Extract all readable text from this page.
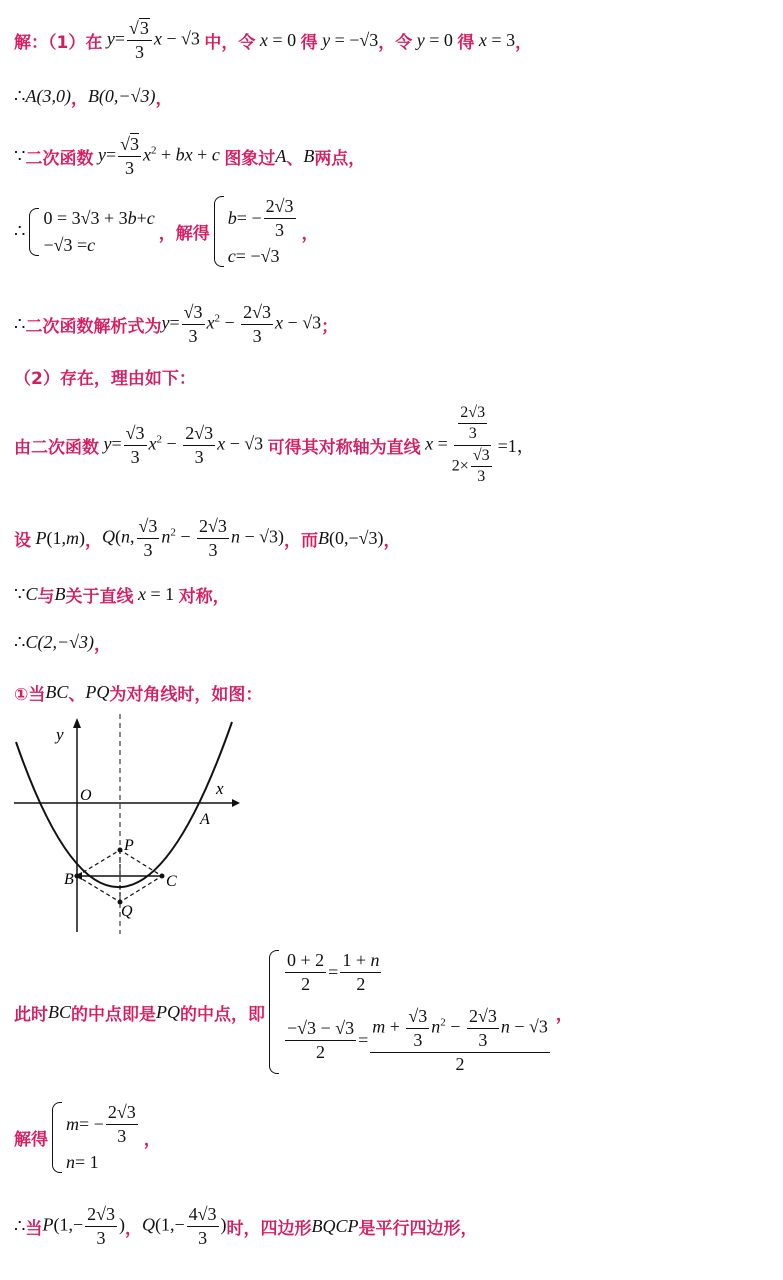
解：（1）在 $y= \frac{√ 3}{3}$ x − √3 中，令 x = 0 得 y = −√3 ，令 y = 0 得 x = 3 ，
∴ A(3,0) ， B(0,−√3) ，
∵ 二次函数 $y= \frac{√3}{3} x^2$ + bx + c 图象过 A 、 B 两点，
∴
0 = 3√3 + 3 b + c
−√3 = c
，解得
b = − $\frac{2√3}{3}$
c = −√3
，
∴ 二次函数解析式为 $y= \frac{√3}{3} x^2 - \frac{2√3}{3}$ x − √3 ；
（2）存在，理由如下：
由二次函数 $y= \frac{√3}{3} x^2 - \frac{2√3}{3}$ x − √3 可得其对称轴为直线 $x = \frac{\frac{2√3}{3}}{2\times \frac{√3}{3}} =1$，
设 P(1,m) ， Q(n, $\frac{√3}{3} n^2 - \frac{2√3}{3}$ n − √3) ，而 B(0,−√3) ，
∵ C 与 B 关于直线 x = 1 对称，
∴ C(2,−√3) ，
①当 BC 、 PQ 为对角线时，如图：
y
x
O
A
P
B	C
Q
此时 BC 的中点即是 PQ 的中点，即
$\frac{0 + 2}{2} = \frac{1 + n}{2}$
$\frac{-√3 - √3}{2} = \frac{m + \frac{√3}{3} n^2 - \frac{2√3}{3} n - √3}{2}$ ，
解得
m = − $\frac{2√3}{3}$
n = 1
，
∴ 当 $P(1,- \frac{2√3}{3}$ ) ， $Q(1,- \frac{4√3}{3}$ ) 时，四边形 BQCP 是平行四边形，
